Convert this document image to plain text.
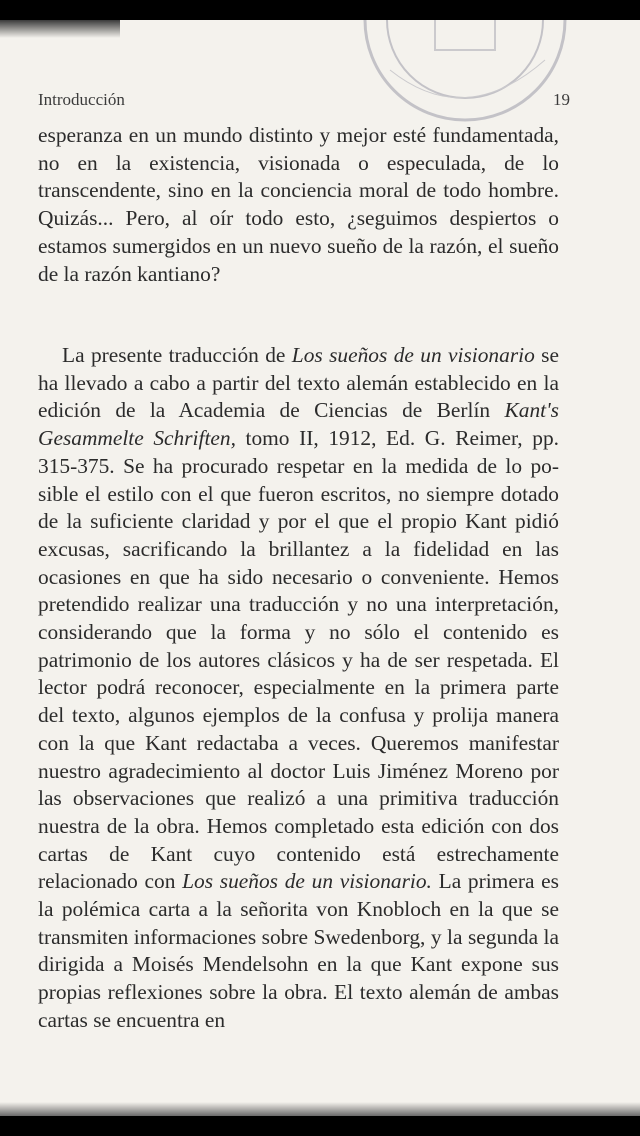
Introducción	19

esperanza en un mundo distinto y mejor esté fundamentada, no en la existencia, visionada o especulada, de lo transcendente, sino en la conciencia moral de todo hombre. Quizás... Pero, al oír todo esto, ¿seguimos despiertos o estamos sumergidos en un nuevo sueño de la razón, el sueño de la razón kantiano?

La presente traducción de Los sueños de un visionario se ha llevado a cabo a partir del texto alemán establecido en la edición de la Academia de Ciencias de Berlín Kant's Gesammelte Schriften, tomo II, 1912, Ed. G. Reimer, pp. 315-375. Se ha procurado respetar en la medida de lo posible el estilo con el que fueron escritos, no siempre dotado de la suficiente claridad y por el que el propio Kant pidió excusas, sacrificando la brillantez a la fidelidad en las ocasiones en que ha sido necesario o conveniente. Hemos pretendido realizar una traducción y no una interpretación, considerando que la forma y no sólo el contenido es patrimonio de los autores clásicos y ha de ser respetada. El lector podrá reconocer, especialmente en la primera parte del texto, algunos ejemplos de la confusa y prolija manera con la que Kant redactaba a veces. Queremos manifestar nuestro agradecimiento al doctor Luis Jiménez Moreno por las observaciones que realizó a una primitiva traducción nuestra de la obra. Hemos completado esta edición con dos cartas de Kant cuyo contenido está estrechamente relacionado con Los sueños de un visionario. La primera es la polémica carta a la señorita von Knobloch en la que se transmiten informaciones sobre Swedenborg, y la segunda la dirigida a Moisés Mendelsohn en la que Kant expone sus propias reflexiones sobre la obra. El texto alemán de ambas cartas se encuentra en
